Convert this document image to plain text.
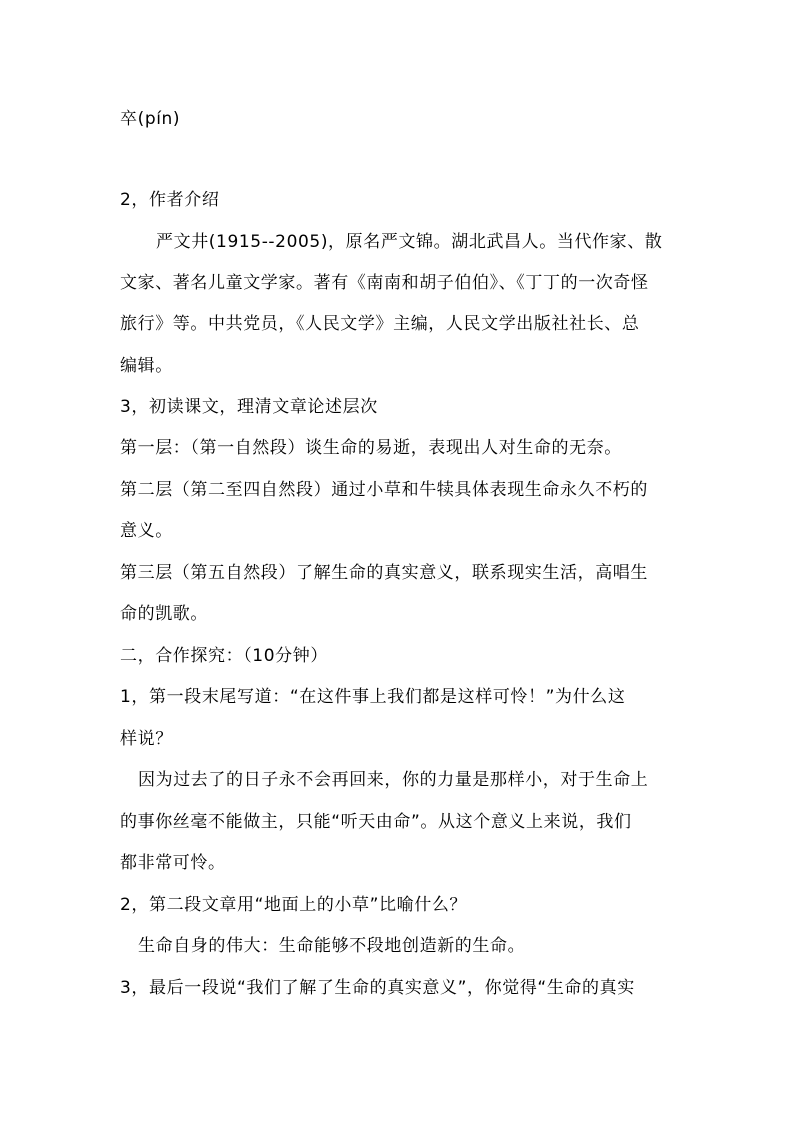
卒(pín)
2，作者介绍
严文井(1915--2005)，原名严文锦。湖北武昌人。当代作家、散
文家、著名儿童文学家。著有《南南和胡子伯伯》、《丁丁的一次奇怪
旅行》等。中共党员，《人民文学》主编，人民文学出版社社长、总
编辑。
3，初读课文，理清文章论述层次
第一层：（第一自然段）谈生命的易逝，表现出人对生命的无奈。
第二层（第二至四自然段）通过小草和牛犊具体表现生命永久不朽的
意义。
第三层（第五自然段）了解生命的真实意义，联系现实生活，高唱生
命的凯歌。
二，合作探究：（10分钟）
1，第一段末尾写道：“在这件事上我们都是这样可怜！”为什么这
样说？
因为过去了的日子永不会再回来，你的力量是那样小，对于生命上
的事你丝毫不能做主，只能“听天由命”。从这个意义上来说，我们
都非常可怜。
2，第二段文章用“地面上的小草”比喻什么？
生命自身的伟大：生命能够不段地创造新的生命。
3，最后一段说“我们了解了生命的真实意义”，你觉得“生命的真实
